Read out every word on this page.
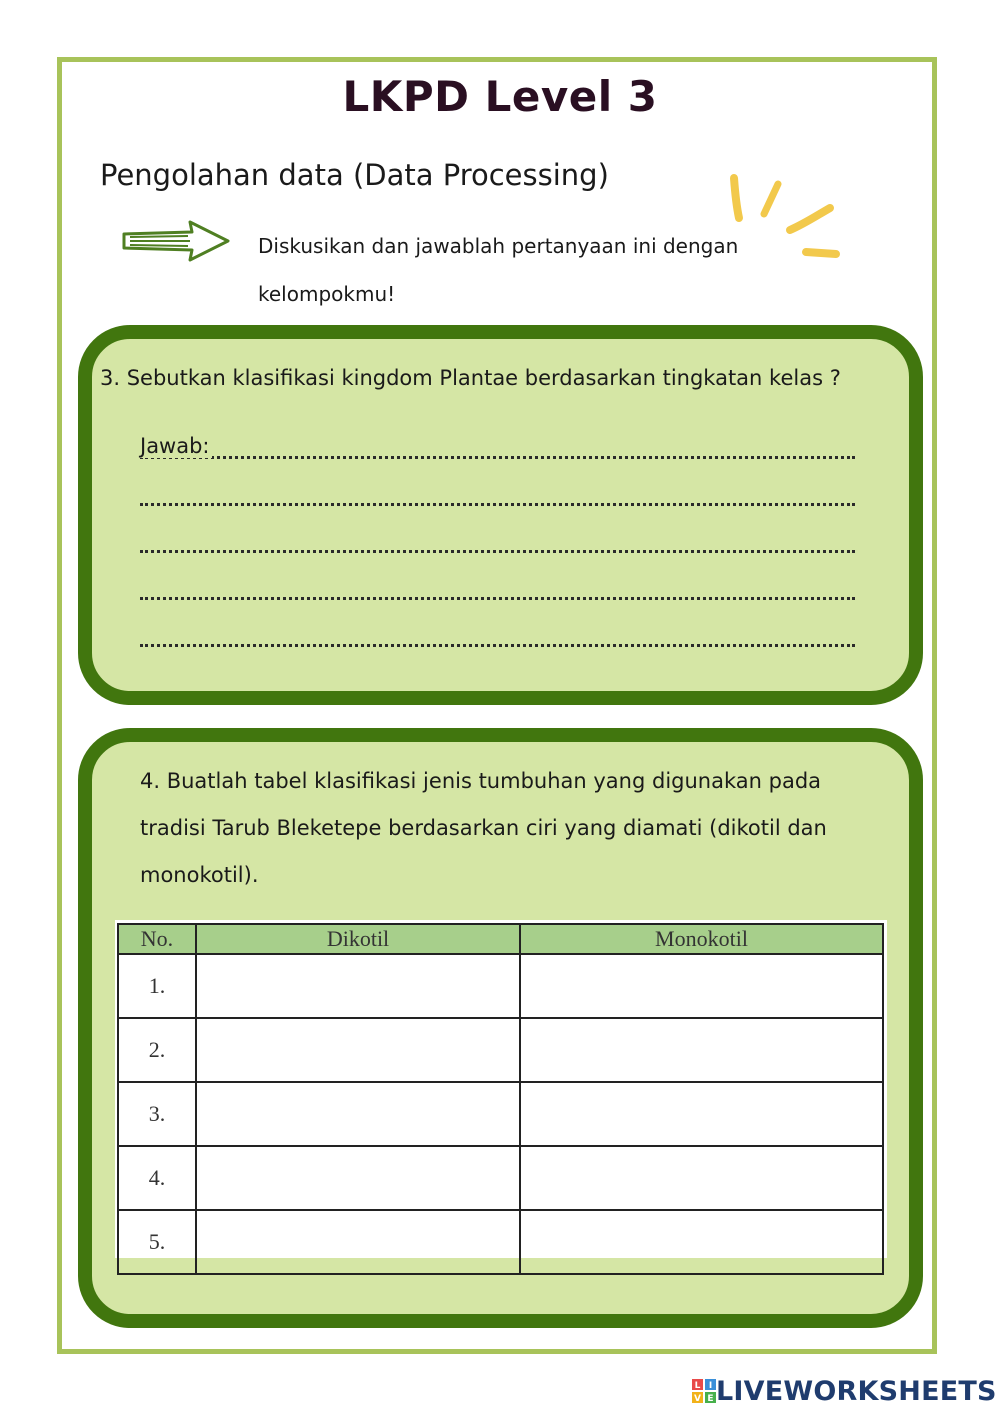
LKPD Level 3
Pengolahan data (Data Processing)
Diskusikan dan jawablah pertanyaan ini dengan kelompokmu!
3. Sebutkan klasifikasi kingdom Plantae berdasarkan tingkatan kelas ?
Jawab:
4. Buatlah tabel klasifikasi jenis tumbuhan yang digunakan pada tradisi Tarub Bleketepe berdasarkan ciri yang diamati (dikotil dan monokotil).
No.	Dikotil	Monokotil
1.		
2.		
3.		
4.		
5.		
L I
V E LIVEWORKSHEETS
